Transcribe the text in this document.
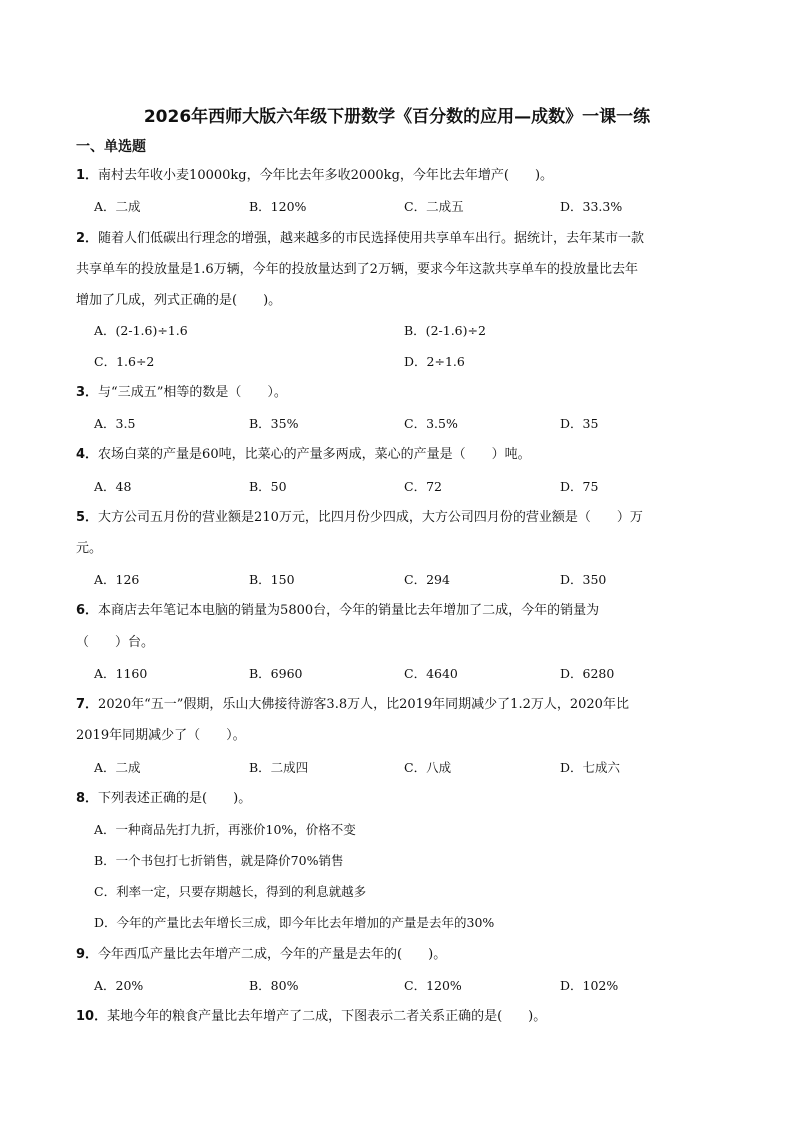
2026年西师大版六年级下册数学《百分数的应用—成数》一课一练
一、单选题
1．南村去年收小麦10000kg，今年比去年多收2000kg，今年比去年增产(　　)。
A．二成	B．120%	C．二成五	D．33.3%
2．随着人们低碳出行理念的增强，越来越多的市民选择使用共享单车出行。据统计，去年某市一款
共享单车的投放量是1.6万辆，今年的投放量达到了2万辆，要求今年这款共享单车的投放量比去年
增加了几成，列式正确的是(　　)。
A．(2-1.6)÷1.6	B．(2-1.6)÷2
C．1.6÷2	D．2÷1.6
3．与“三成五”相等的数是（　　）。
A．3.5	B．35%	C．3.5%	D．35
4．农场白菜的产量是60吨，比菜心的产量多两成，菜心的产量是（　　）吨。
A．48	B．50	C．72	D．75
5．大方公司五月份的营业额是210万元，比四月份少四成，大方公司四月份的营业额是（　　）万
元。
A．126	B．150	C．294	D．350
6．本商店去年笔记本电脑的销量为5800台，今年的销量比去年增加了二成，今年的销量为
（　　）台。
A．1160	B．6960	C．4640	D．6280
7．2020年“五一”假期，乐山大佛接待游客3.8万人，比2019年同期减少了1.2万人，2020年比
2019年同期减少了（　　）。
A．二成	B．二成四	C．八成	D．七成六
8．下列表述正确的是(　　)。
A．一种商品先打九折，再涨价10%，价格不变
B．一个书包打七折销售，就是降价70%销售
C．利率一定，只要存期越长，得到的利息就越多
D．今年的产量比去年增长三成，即今年比去年增加的产量是去年的30%
9．今年西瓜产量比去年增产二成，今年的产量是去年的(　　)。
A．20%	B．80%	C．120%	D．102%
10．某地今年的粮食产量比去年增产了二成，下图表示二者关系正确的是(　　)。
